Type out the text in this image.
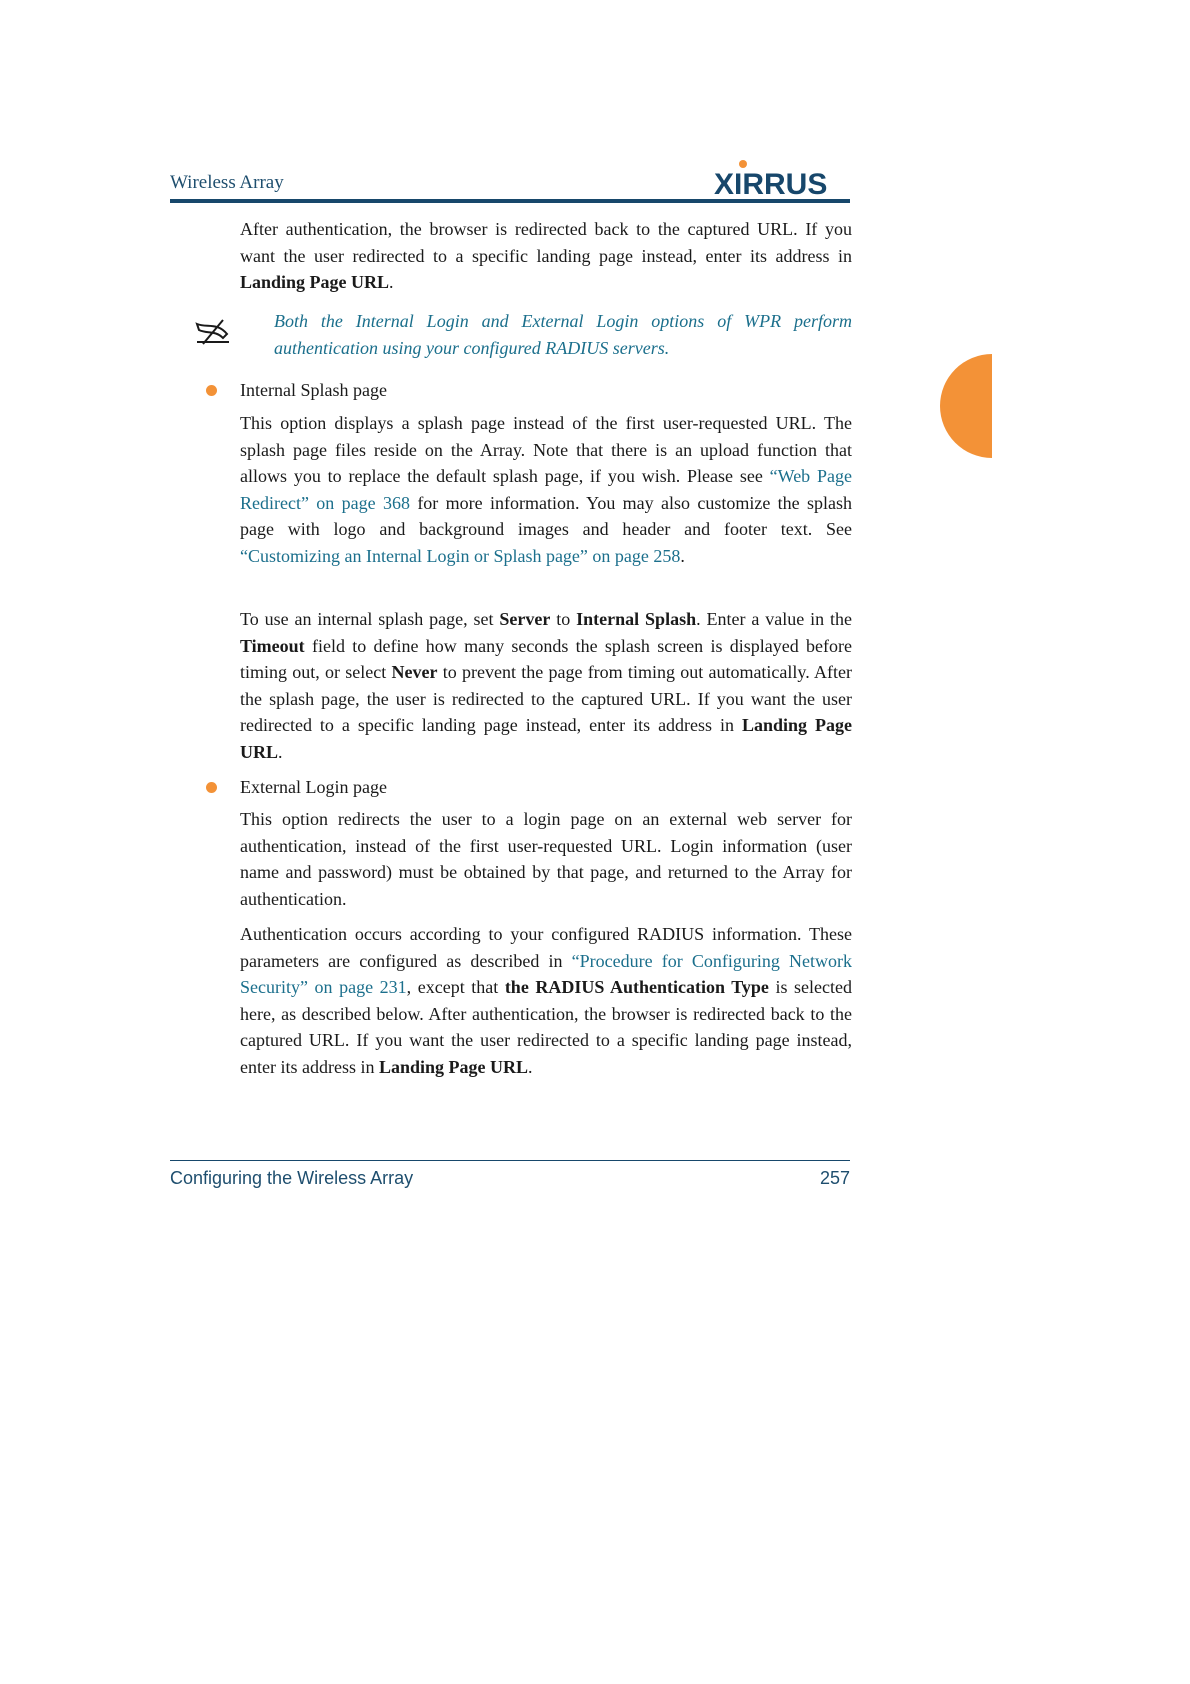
Wireless Array	XIRRUS
After authentication, the browser is redirected back to the captured URL. If you want the user redirected to a specific landing page instead, enter its address in Landing Page URL.
Both the Internal Login and External Login options of WPR perform authentication using your configured RADIUS servers.
Internal Splash page
This option displays a splash page instead of the first user-requested URL. The splash page files reside on the Array. Note that there is an upload function that allows you to replace the default splash page, if you wish. Please see “Web Page Redirect” on page 368 for more information. You may also customize the splash page with logo and background images and header and footer text. See “Customizing an Internal Login or Splash page” on page 258.
To use an internal splash page, set Server to Internal Splash. Enter a value in the Timeout field to define how many seconds the splash screen is displayed before timing out, or select Never to prevent the page from timing out automatically. After the splash page, the user is redirected to the captured URL. If you want the user redirected to a specific landing page instead, enter its address in Landing Page URL.
External Login page
This option redirects the user to a login page on an external web server for authentication, instead of the first user-requested URL. Login information (user name and password) must be obtained by that page, and returned to the Array for authentication.
Authentication occurs according to your configured RADIUS information. These parameters are configured as described in “Procedure for Configuring Network Security” on page 231, except that the RADIUS Authentication Type is selected here, as described below. After authentication, the browser is redirected back to the captured URL. If you want the user redirected to a specific landing page instead, enter its address in Landing Page URL.
Configuring the Wireless Array	257
